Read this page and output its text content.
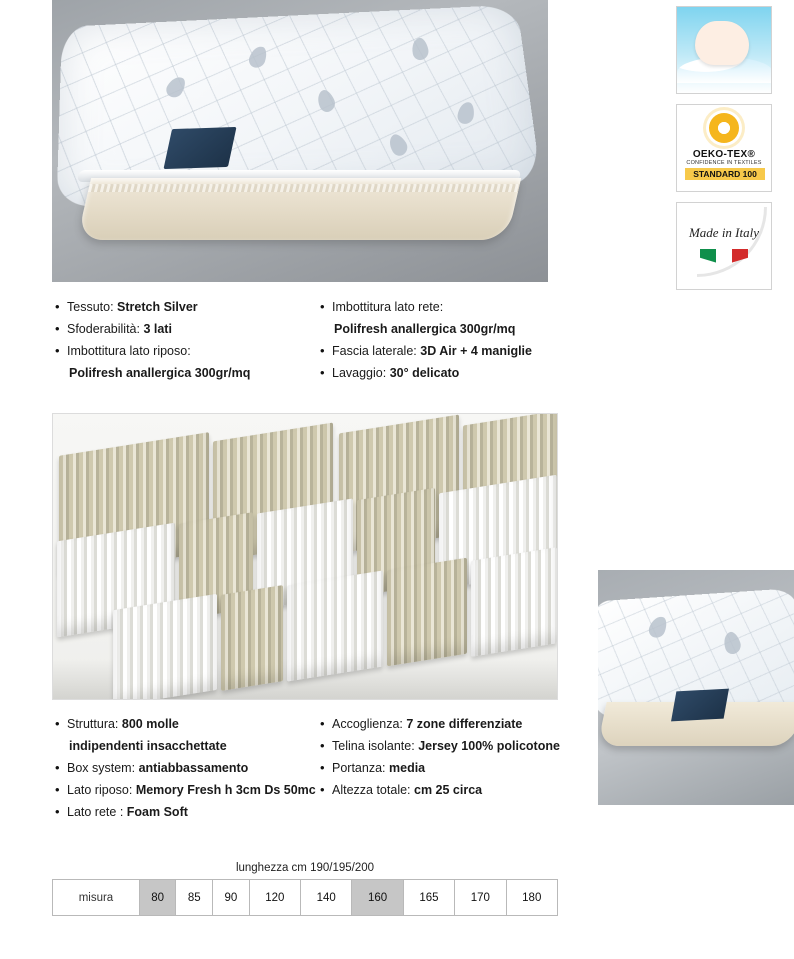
OEKO-TEX®
CONFIDENCE IN TEXTILES
STANDARD 100
Made in Italy
• Tessuto: Stretch Silver
• Sfoderabilità: 3 lati
• Imbottitura lato riposo:
Polifresh anallergica 300gr/mq
• Imbottitura lato rete:
Polifresh anallergica 300gr/mq
• Fascia laterale: 3D Air + 4 maniglie
• Lavaggio: 30° delicato
• Struttura: 800 molle
indipendenti insacchettate
• Box system: antiabbassamento
• Lato riposo: Memory Fresh h 3cm Ds 50mc
• Lato rete : Foam Soft
• Accoglienza: 7 zone differenziate
• Telina isolante: Jersey 100% policotone
• Portanza: media
• Altezza totale: cm 25 circa
lunghezza cm 190/195/200
misura	80	85	90	120	140	160	165	170	180
